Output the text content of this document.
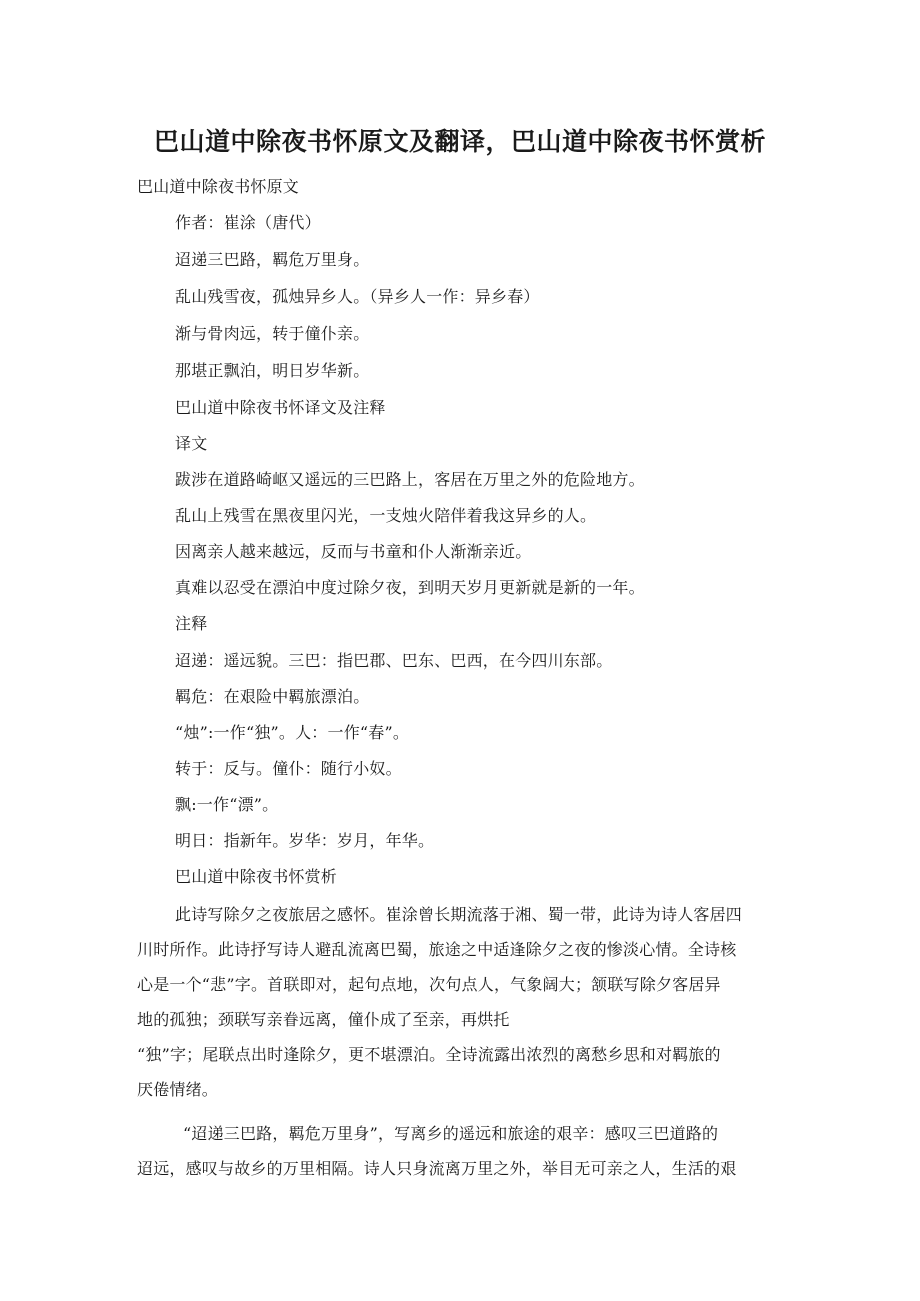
巴山道中除夜书怀原文及翻译，巴山道中除夜书怀赏析
巴山道中除夜书怀原文
作者：崔涂（唐代）
迢递三巴路，羁危万里身。
乱山残雪夜，孤烛异乡人。（异乡人一作：异乡春）
渐与骨肉远，转于僮仆亲。
那堪正飘泊，明日岁华新。
巴山道中除夜书怀译文及注释
译文
跋涉在道路崎岖又遥远的三巴路上，客居在万里之外的危险地方。
乱山上残雪在黑夜里闪光，一支烛火陪伴着我这异乡的人。
因离亲人越来越远，反而与书童和仆人渐渐亲近。
真难以忍受在漂泊中度过除夕夜，到明天岁月更新就是新的一年。
注释
迢递：遥远貌。三巴：指巴郡、巴东、巴西，在今四川东部。
羁危：在艰险中羁旅漂泊。
“烛”:一作“独”。人：一作“春”。
转于：反与。僮仆：随行小奴。
飘:一作“漂”。
明日：指新年。岁华：岁月，年华。
巴山道中除夜书怀赏析

此诗写除夕之夜旅居之感怀。崔涂曾长期流落于湘、蜀一带，此诗为诗人客居四

川时所作。此诗抒写诗人避乱流离巴蜀，旅途之中适逢除夕之夜的惨淡心情。全诗核

心是一个“悲”字。首联即对，起句点地，次句点人，气象阔大；颔联写除夕客居异

地的孤独；颈联写亲眷远离，僮仆成了至亲，再烘托

“独”字；尾联点出时逢除夕，更不堪漂泊。全诗流露出浓烈的离愁乡思和对羁旅的

厌倦情绪。

“迢递三巴路，羁危万里身”，写离乡的遥远和旅途的艰辛：感叹三巴道路的

迢远，感叹与故乡的万里相隔。诗人只身流离万里之外，举目无可亲之人，生活的艰
